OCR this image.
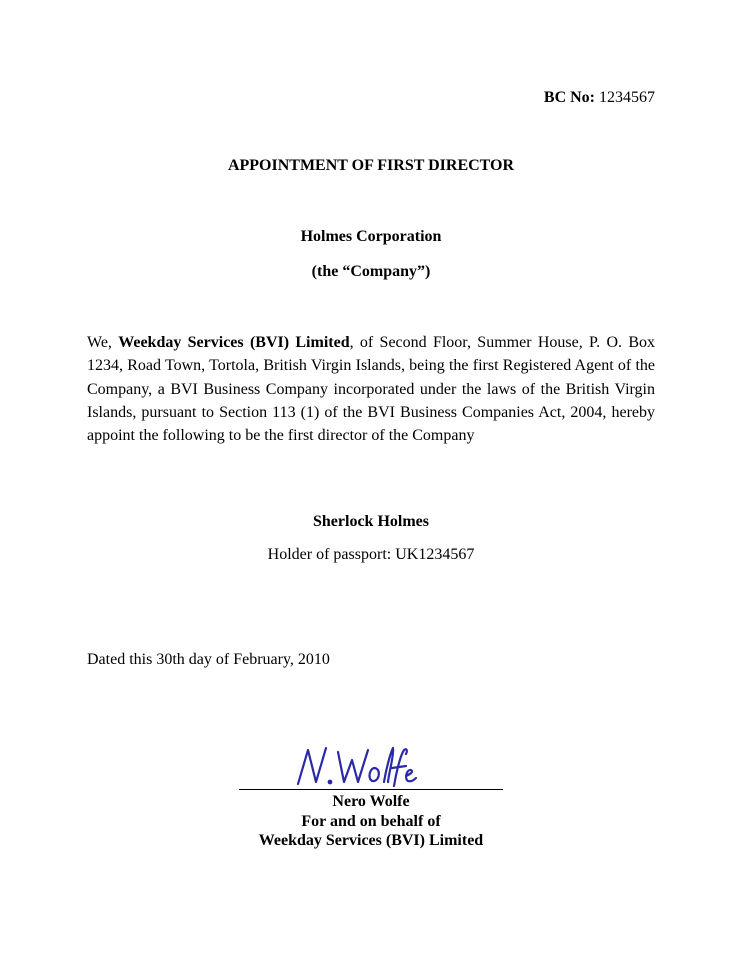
BC No: 1234567
APPOINTMENT OF FIRST DIRECTOR
Holmes Corporation
(the “Company”)
We, Weekday Services (BVI) Limited, of Second Floor, Summer House, P. O. Box 1234, Road Town, Tortola, British Virgin Islands, being the first Registered Agent of the Company, a BVI Business Company incorporated under the laws of the British Virgin Islands, pursuant to Section 113 (1) of the BVI Business Companies Act, 2004, hereby appoint the following to be the first director of the Company
Sherlock Holmes
Holder of passport: UK1234567
Dated this 30th day of February, 2010
Nero Wolfe
For and on behalf of
Weekday Services (BVI) Limited
